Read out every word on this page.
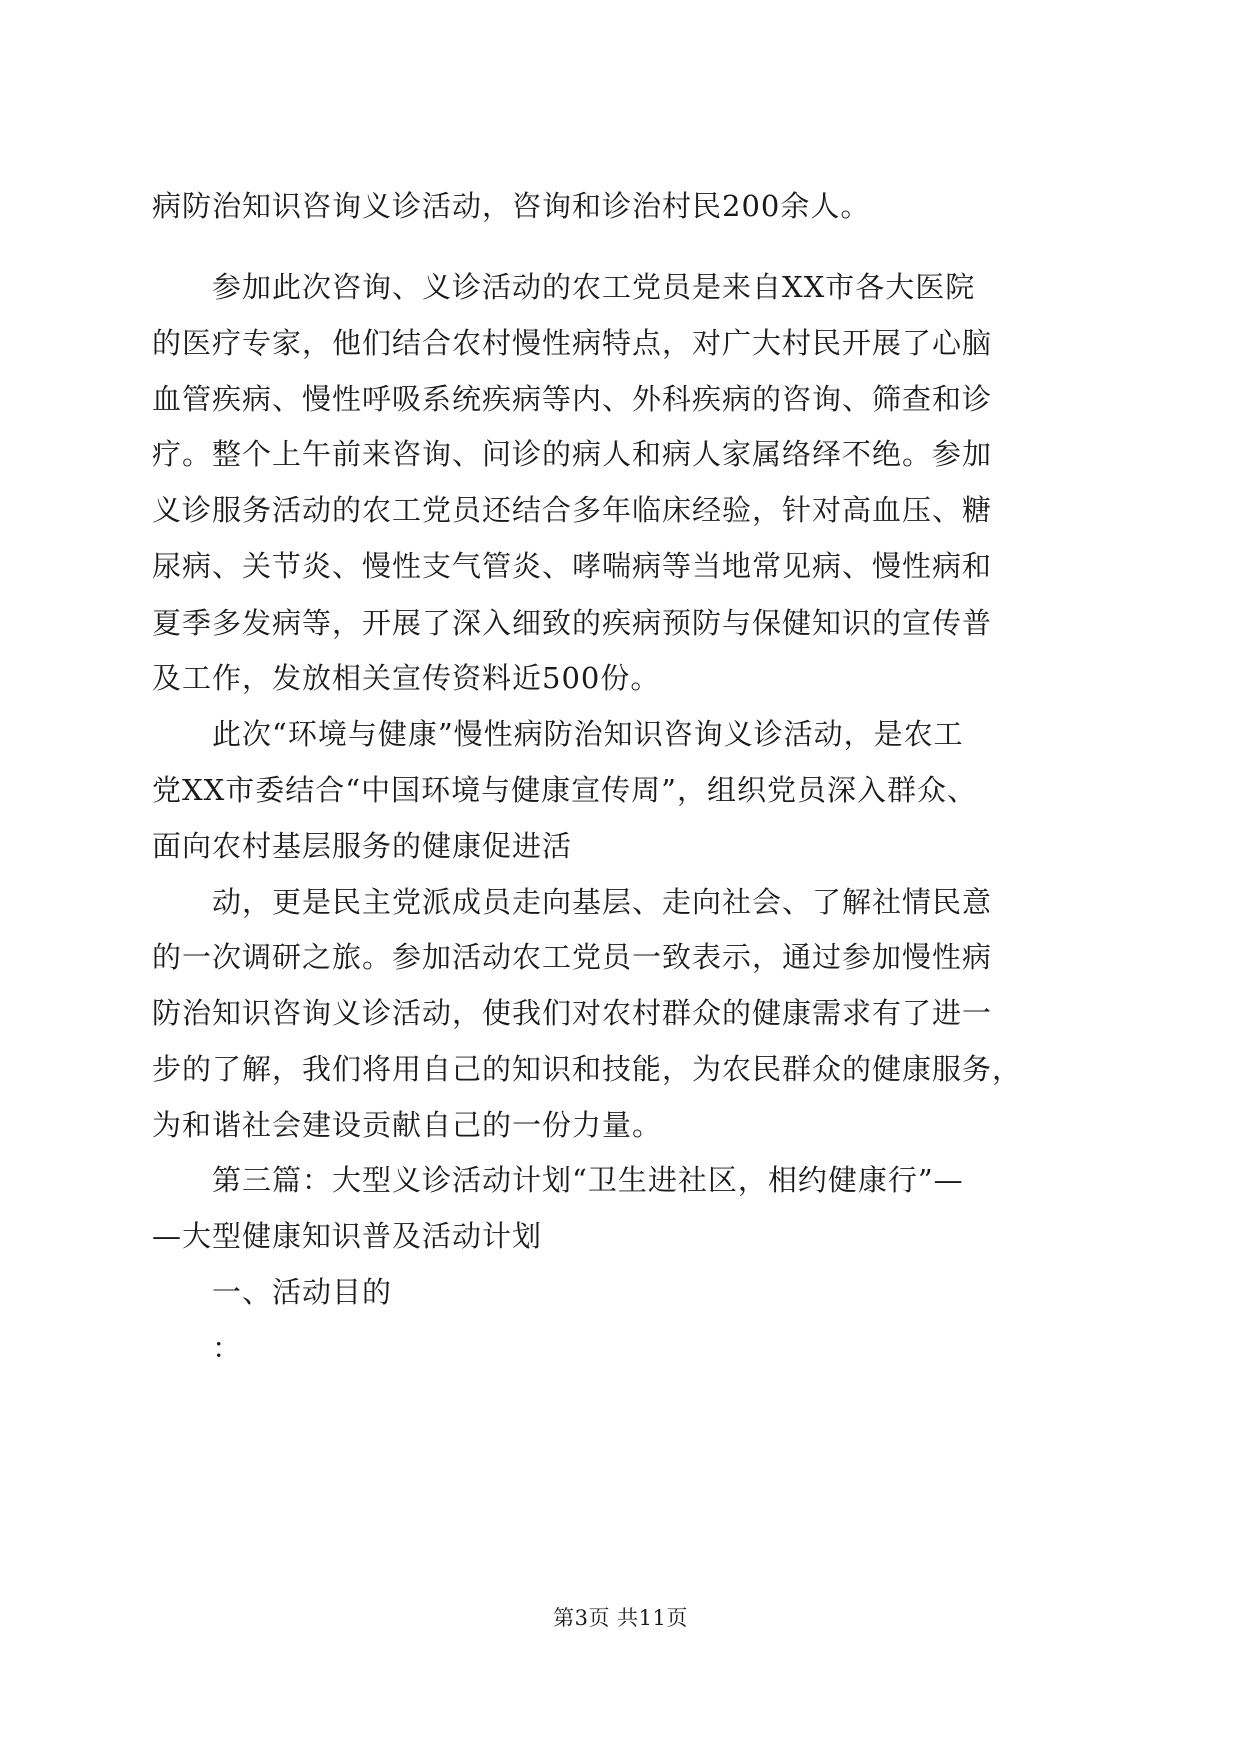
病防治知识咨询义诊活动，咨询和诊治村民200余人。
参加此次咨询、义诊活动的农工党员是来自XX市各大医院
的医疗专家，他们结合农村慢性病特点，对广大村民开展了心脑
血管疾病、慢性呼吸系统疾病等内、外科疾病的咨询、筛查和诊
疗。整个上午前来咨询、问诊的病人和病人家属络绎不绝。参加
义诊服务活动的农工党员还结合多年临床经验，针对高血压、糖
尿病、关节炎、慢性支气管炎、哮喘病等当地常见病、慢性病和
夏季多发病等，开展了深入细致的疾病预防与保健知识的宣传普
及工作，发放相关宣传资料近500份。
此次“环境与健康”慢性病防治知识咨询义诊活动，是农工
党XX市委结合“中国环境与健康宣传周”，组织党员深入群众、
面向农村基层服务的健康促进活
动，更是民主党派成员走向基层、走向社会、了解社情民意
的一次调研之旅。参加活动农工党员一致表示，通过参加慢性病
防治知识咨询义诊活动，使我们对农村群众的健康需求有了进一
步的了解，我们将用自己的知识和技能，为农民群众的健康服务，
为和谐社会建设贡献自己的一份力量。
第三篇：大型义诊活动计划“卫生进社区，相约健康行”—
—大型健康知识普及活动计划
一、活动目的
：
第3页 共11页
